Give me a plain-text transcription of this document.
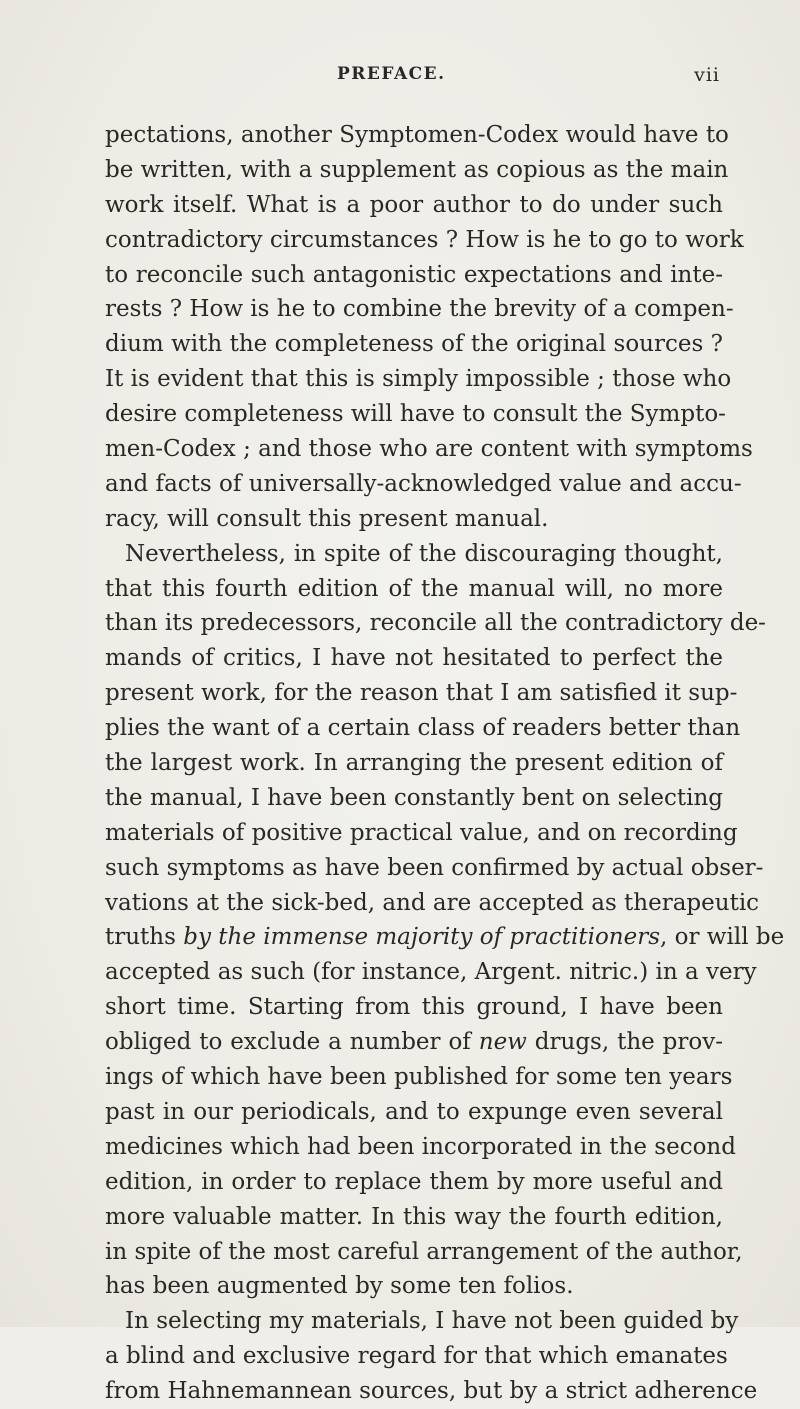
PREFACE.	vii
pectations, another Symptomen-Codex would have to
be written, with a supplement as copious as the main
work itself. What is a poor author to do under such
contradictory circumstances ? How is he to go to work
to reconcile such antagonistic expectations and inte-
rests ? How is he to combine the brevity of a compen-
dium with the completeness of the original sources ?
It is evident that this is simply impossible ; those who
desire completeness will have to consult the Sympto-
men-Codex ; and those who are content with symptoms
and facts of universally-acknowledged value and accu-
racy, will consult this present manual.
Nevertheless, in spite of the discouraging thought,
that this fourth edition of the manual will, no more
than its predecessors, reconcile all the contradictory de-
mands of critics, I have not hesitated to perfect the
present work, for the reason that I am satisfied it sup-
plies the want of a certain class of readers better than
the largest work. In arranging the present edition of
the manual, I have been constantly bent on selecting
materials of positive practical value, and on recording
such symptoms as have been confirmed by actual obser-
vations at the sick-bed, and are accepted as therapeutic
truths by the immense majority of practitioners, or will be
accepted as such (for instance, Argent. nitric.) in a very
short time. Starting from this ground, I have been
obliged to exclude a number of new drugs, the prov-
ings of which have been published for some ten years
past in our periodicals, and to expunge even several
medicines which had been incorporated in the second
edition, in order to replace them by more useful and
more valuable matter. In this way the fourth edition,
in spite of the most careful arrangement of the author,
has been augmented by some ten folios.
In selecting my materials, I have not been guided by
a blind and exclusive regard for that which emanates
from Hahnemannean sources, but by a strict adherence
